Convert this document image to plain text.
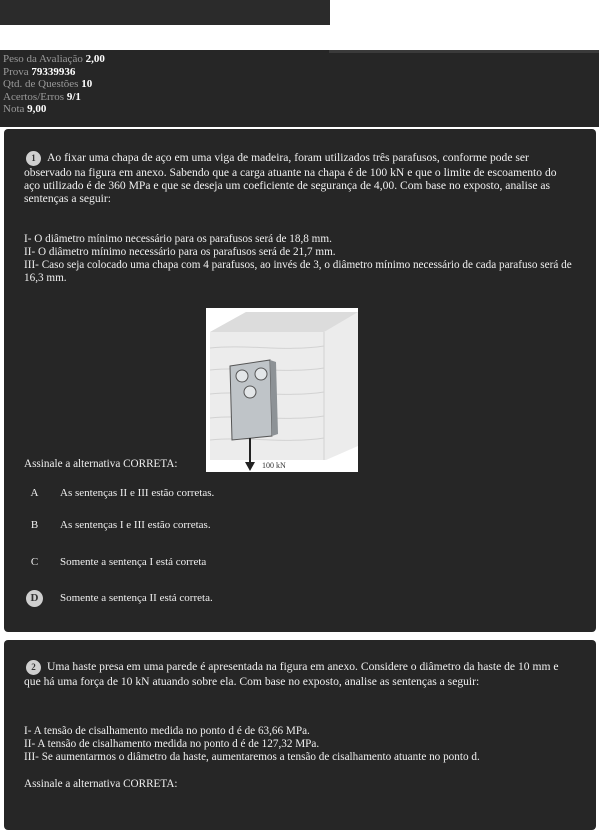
Peso da Avaliação 2,00
Prova 79339936
Qtd. de Questões 10
Acertos/Erros 9/1
Nota 9,00
1 Ao fixar uma chapa de aço em uma viga de madeira, foram utilizados três parafusos, conforme pode ser observado na figura em anexo. Sabendo que a carga atuante na chapa é de 100 kN e que o limite de escoamento do aço utilizado é de 360 MPa e que se deseja um coeficiente de segurança de 4,00. Com base no exposto, analise as sentenças a seguir:
I- O diâmetro mínimo necessário para os parafusos será de 18,8 mm.
II- O diâmetro mínimo necessário para os parafusos será de 21,7 mm.
III- Caso seja colocado uma chapa com 4 parafusos, ao invés de 3, o diâmetro mínimo necessário de cada parafuso será de 16,3 mm.
Assinale a alternativa CORRETA:
A	As sentenças II e III estão corretas.
B	As sentenças I e III estão corretas.
C	Somente a sentença I está correta
D	Somente a sentença II está correta.
100 kN
2 Uma haste presa em uma parede é apresentada na figura em anexo. Considere o diâmetro da haste de 10 mm e que há uma força de 10 kN atuando sobre ela. Com base no exposto, analise as sentenças a seguir:
I- A tensão de cisalhamento medida no ponto d é de 63,66 MPa.
II- A tensão de cisalhamento medida no ponto d é de 127,32 MPa.
III- Se aumentarmos o diâmetro da haste, aumentaremos a tensão de cisalhamento atuante no ponto d.
Assinale a alternativa CORRETA:
